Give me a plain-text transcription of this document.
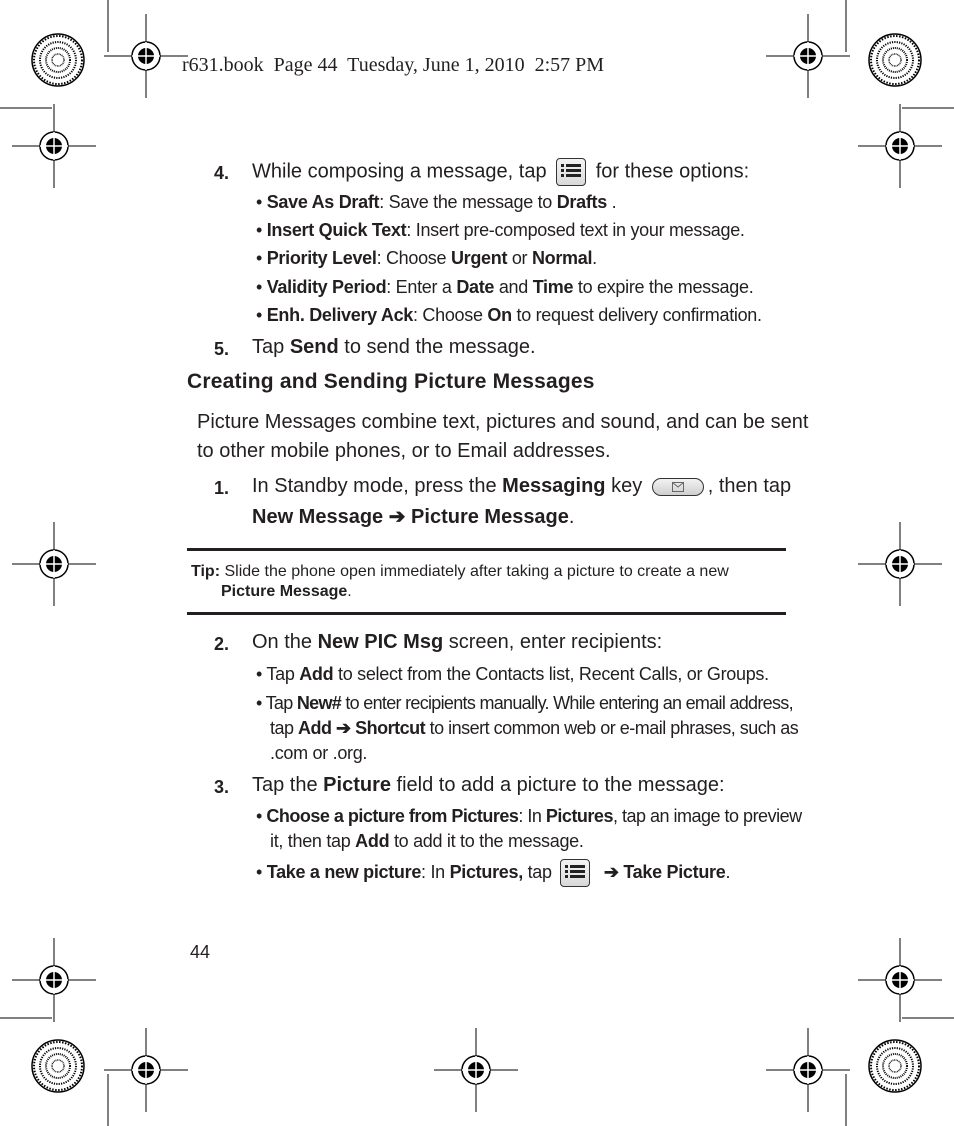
r631.book  Page 44  Tuesday, June 1, 2010  2:57 PM
4. While composing a message, tap for these options:
• Save As Draft: Save the message to Drafts .
• Insert Quick Text: Insert pre-composed text in your message.
• Priority Level: Choose Urgent or Normal.
• Validity Period: Enter a Date and Time to expire the message.
• Enh. Delivery Ack: Choose On to request delivery confirmation.
5. Tap Send to send the message.
Creating and Sending Picture Messages
Picture Messages combine text, pictures and sound, and can be sent
to other mobile phones, or to Email addresses.
1. In Standby mode, press the Messaging key	, then tap
New Message ➔ Picture Message.
Tip: Slide the phone open immediately after taking a picture to create a new
Picture Message.
2. On the New PIC Msg screen, enter recipients:
• Tap Add to select from the Contacts list, Recent Calls, or Groups.
• Tap New# to enter recipients manually. While entering an email address,
tap Add ➔ Shortcut to insert common web or e-mail phrases, such as
.com or .org.
3. Tap the Picture field to add a picture to the message:
• Choose a picture from Pictures: In Pictures, tap an image to preview
it, then tap Add to add it to the message.
• Take a new picture: In Pictures, tap	➔ Take Picture.
44
